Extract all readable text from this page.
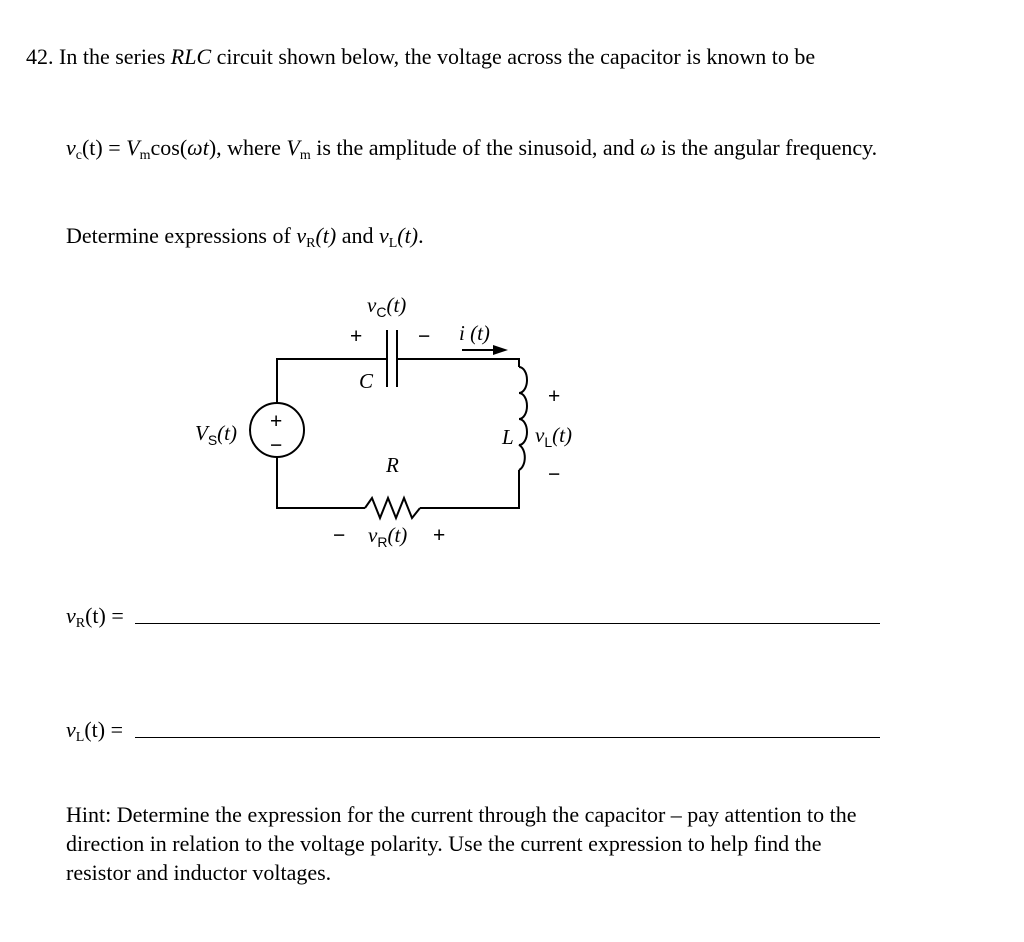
42. In the series RLC circuit shown below, the voltage across the capacitor is known to be
$v_c(t) = V_m\cos(\omega t)$, where $V_m$ is the amplitude of the sinusoid, and ω is the angular frequency.
Determine expressions of $v_R(t)$ and $v_L(t)$.
$v_C(t)$
+	− i (t)
C
$V_S(t)$ +
−	L $v_L(t)$
+
−
R
$v_R(t)$
−	+
$v_R(t)$ =
$v_L(t)$ =
Hint: Determine the expression for the current through the capacitor – pay attention to the
direction in relation to the voltage polarity. Use the current expression to help find the
resistor and inductor voltages.
